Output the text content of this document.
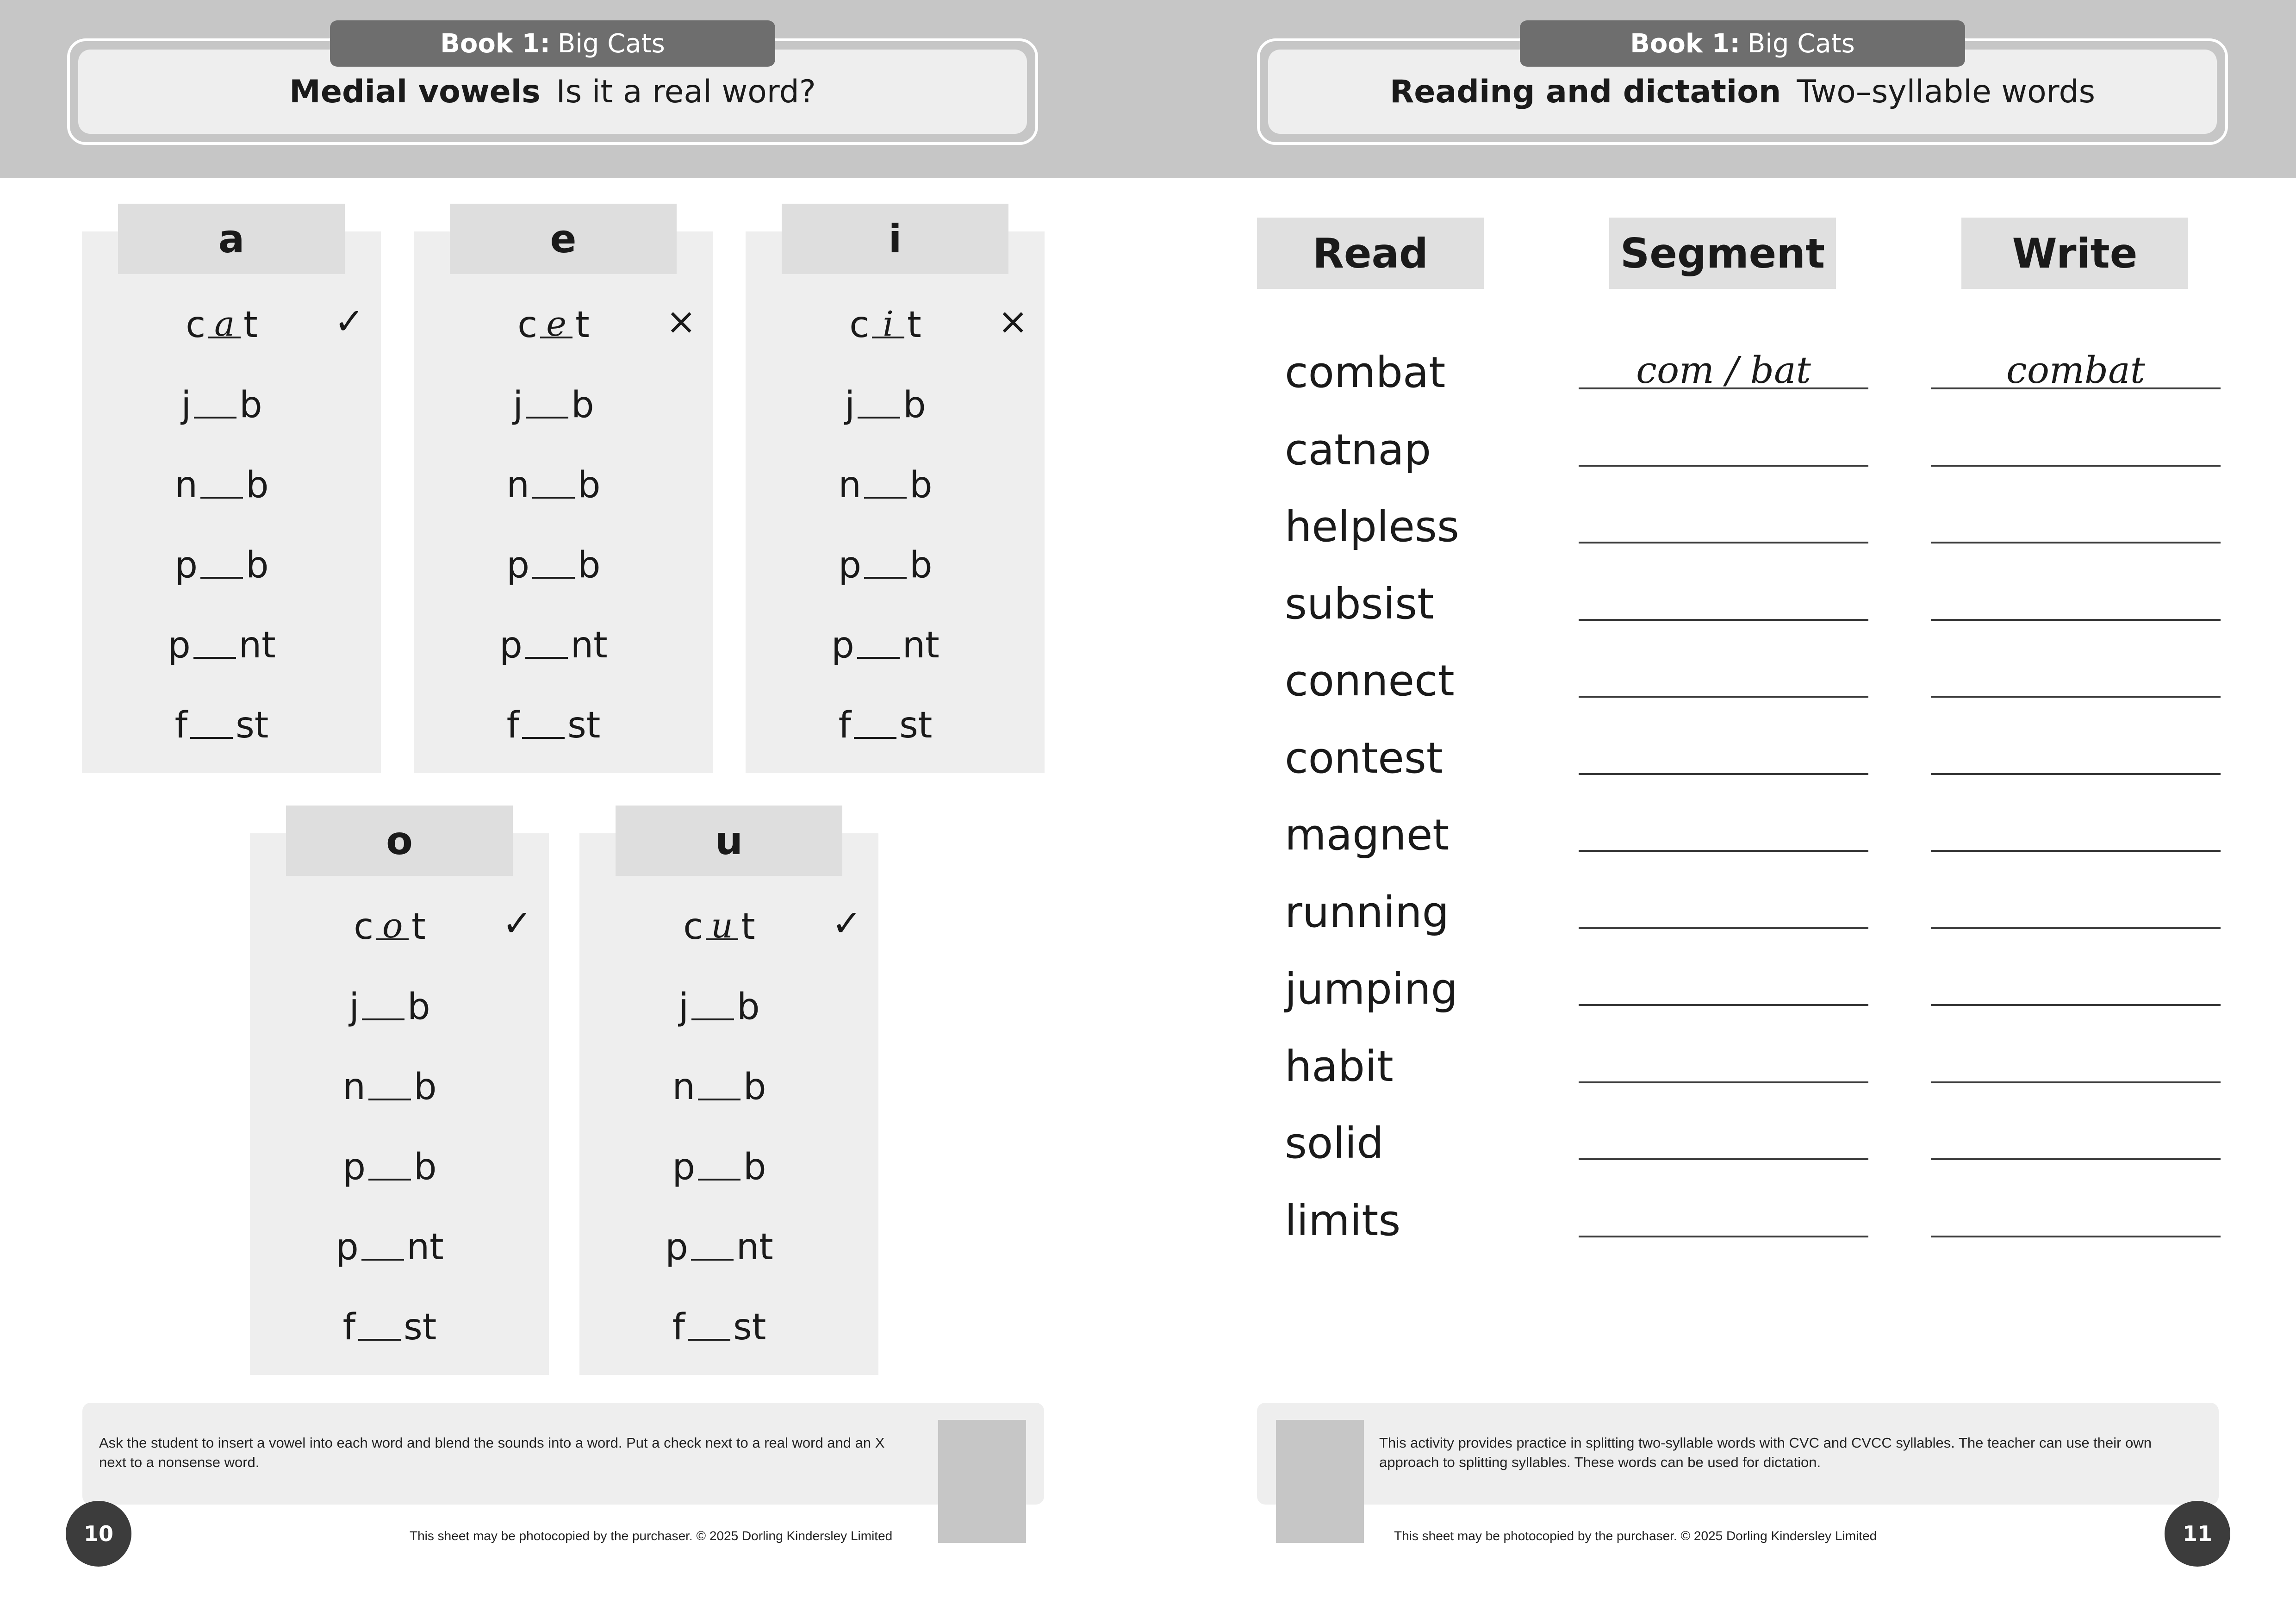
Medial vowels Is it a real word?
Book 1: Big Cats
Reading and dictation Two–syllable words
Book 1: Big Cats
a
c a t ✓
j b
n b
p b
p nt
f st
e
c e t ×
j b
n b
p b
p nt
f st
i
c i t ×
j b
n b
p b
p nt
f st
o
c o t ✓
j b
n b
p b
p nt
f st
u
c u t ✓
j b
n b
p b
p nt
f st
Read	Segment	Write
combat	com / bat	combat
catnap
helpless
subsist
connect
contest
magnet
running
jumping
habit
solid
limits
Ask the student to insert a vowel into each word and blend the sounds into a word. Put a check next to a real word and an X next to a nonsense word.
10	This sheet may be photocopied by the purchaser. © 2025 Dorling Kindersley Limited
This activity provides practice in splitting two-syllable words with CVC and CVCC syllables. The teacher can use their own approach to splitting syllables. These words can be used for dictation.
11
This sheet may be photocopied by the purchaser. © 2025 Dorling Kindersley Limited
